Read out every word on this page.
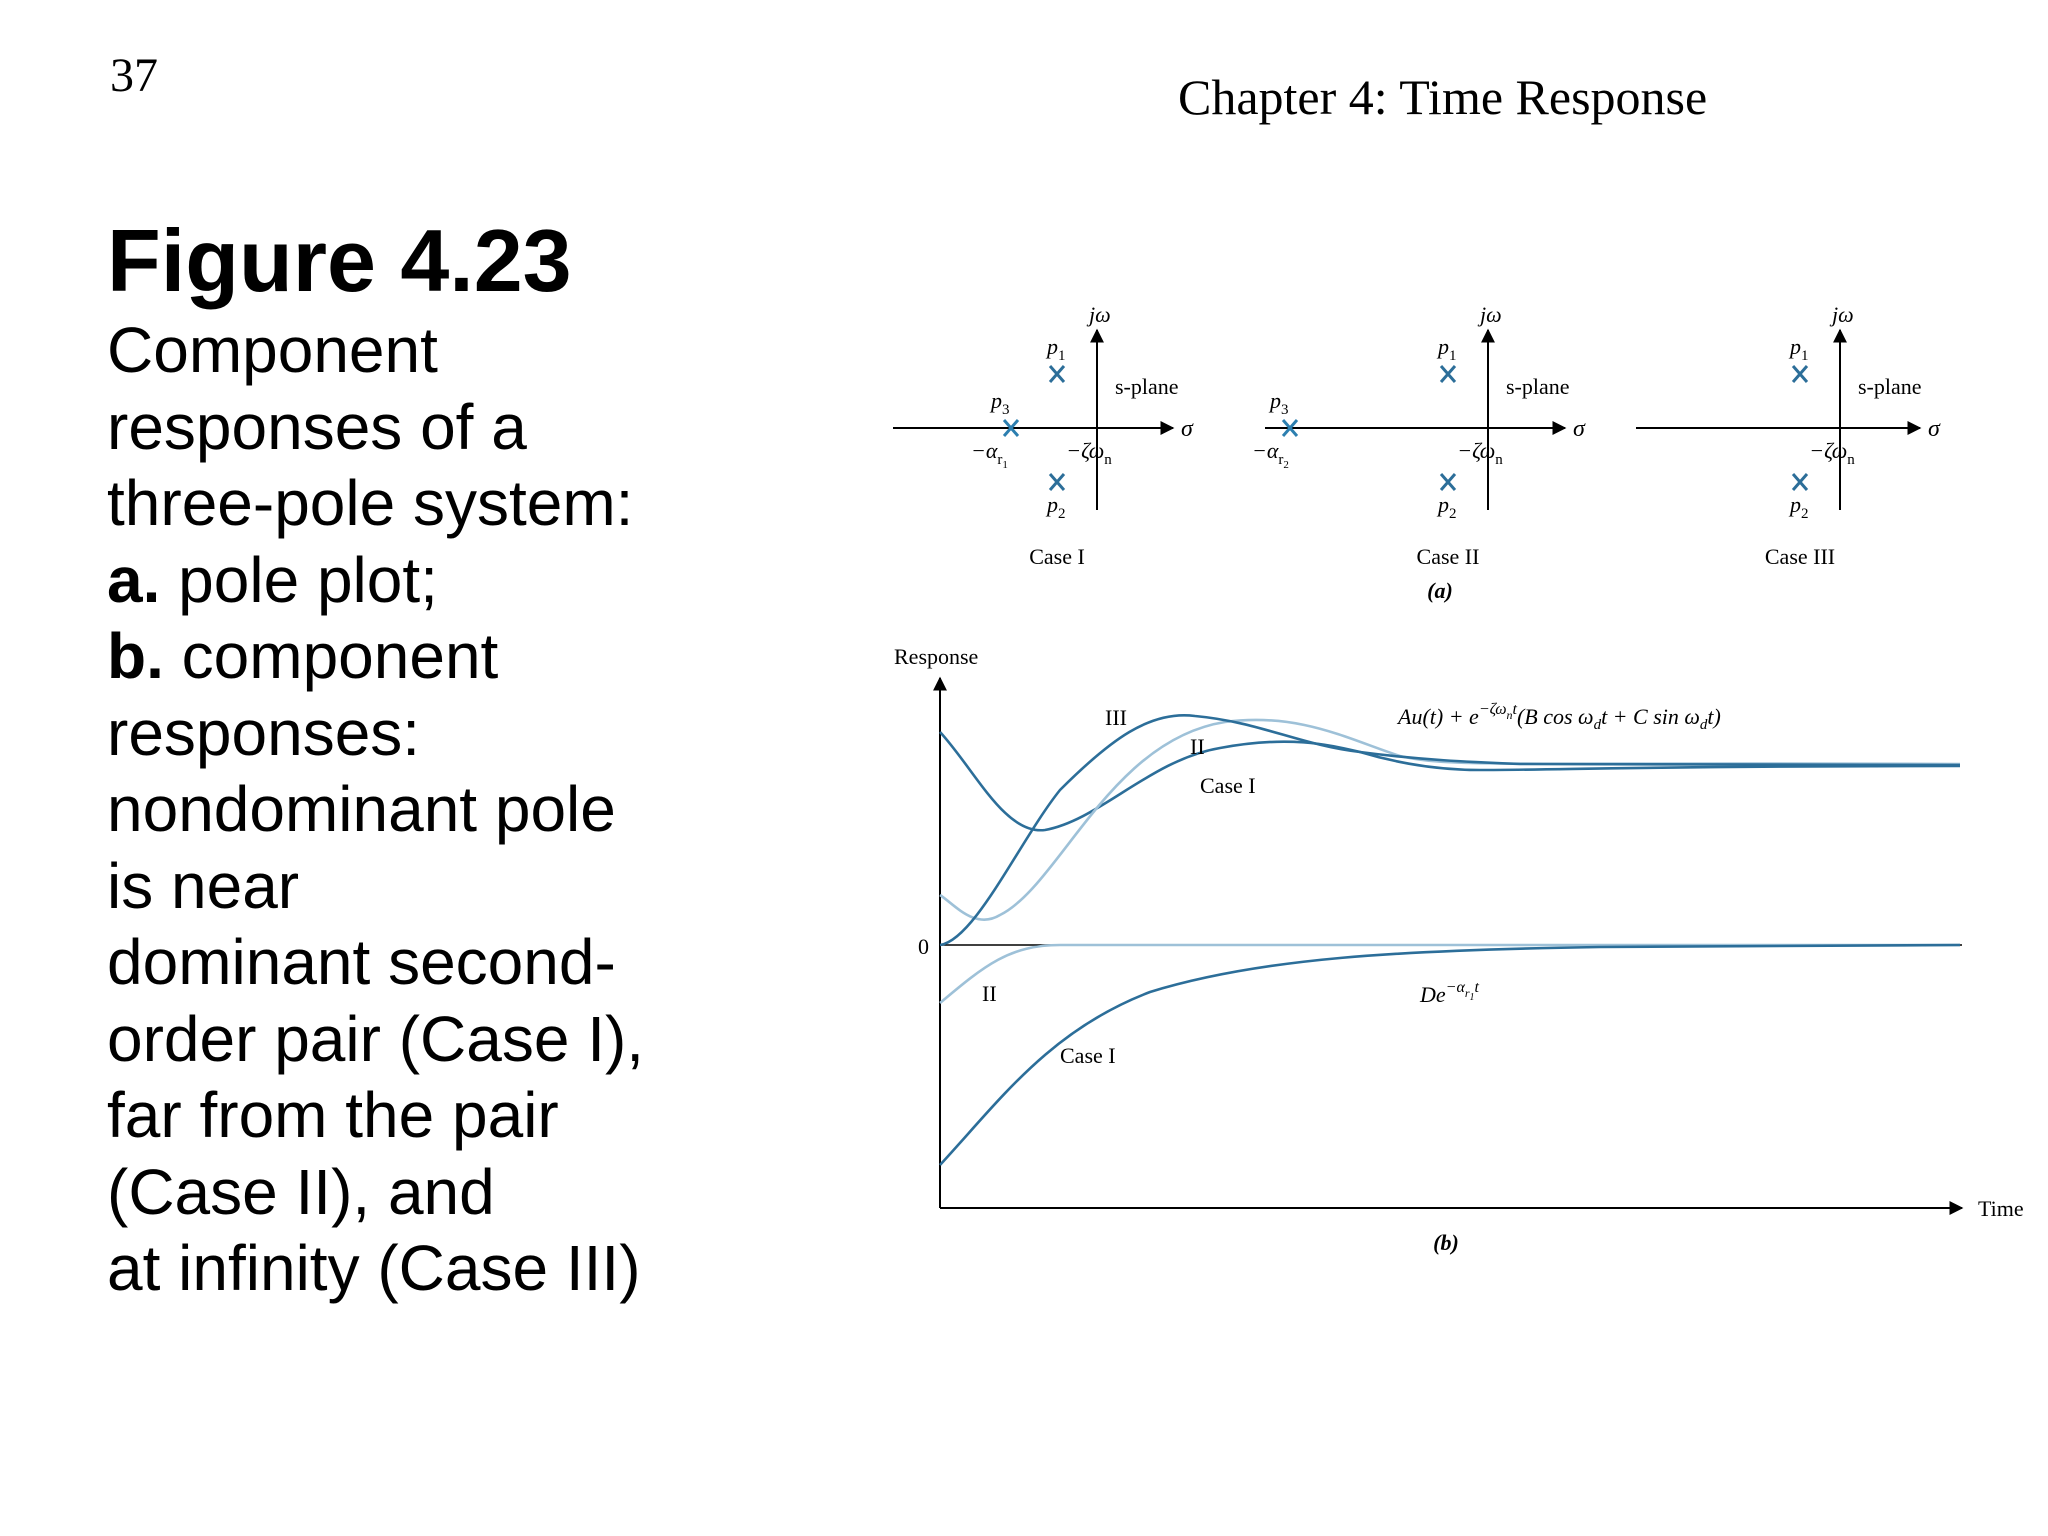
37	Chapter 4: Time Response
Figure 4.23
Component
responses of a
three-pole system:
a. pole plot;
b. component
responses:
nondominant pole
is near
dominant second-
order pair (Case I),
far from the pair
(Case II), and
at infinity (Case III)
jω
σ
s-plane
$p_1$
$p_2$
$-\zeta\omega_n$
$p_3$
$-\alpha_r1$
Case I
jω
σ
s-plane
$p_1$
$p_2$
$-\zeta\omega_n$
$p_3$
$-\alpha_r2$
Case II
jω
σ
s-plane
$p_1$
$p_2$
$-\zeta\omega_n$
Case III
(a)
Response
Time
0
III
II
Case I
II
Case I
$Au(t) + e^{-\zeta\omega}_n^t(B$ $\cos \omega_dt + C$ $\sin \omega_dt$)
$De^{-\alpha}_r1^t$
(b)
